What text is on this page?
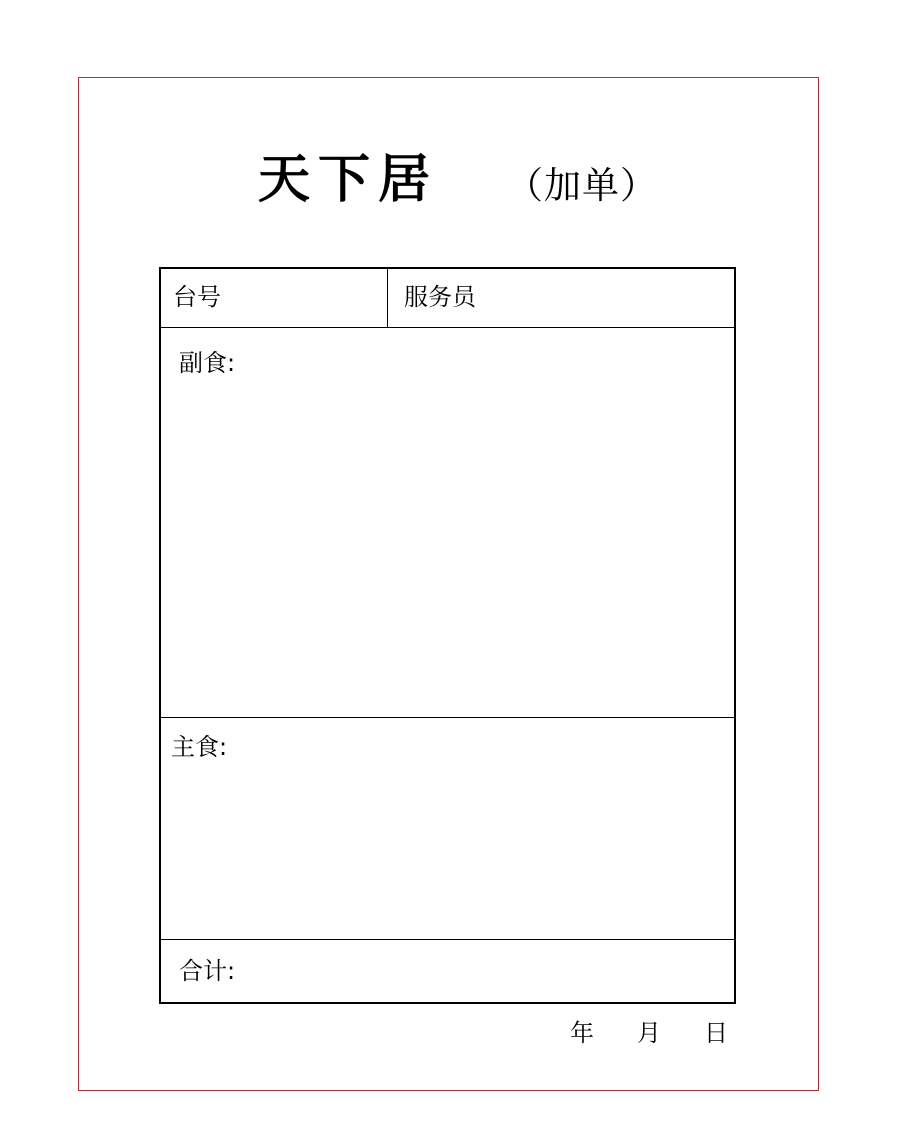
天下居 （加单）
台号	服务员
副食:
主食:
合计:
年 月 日
